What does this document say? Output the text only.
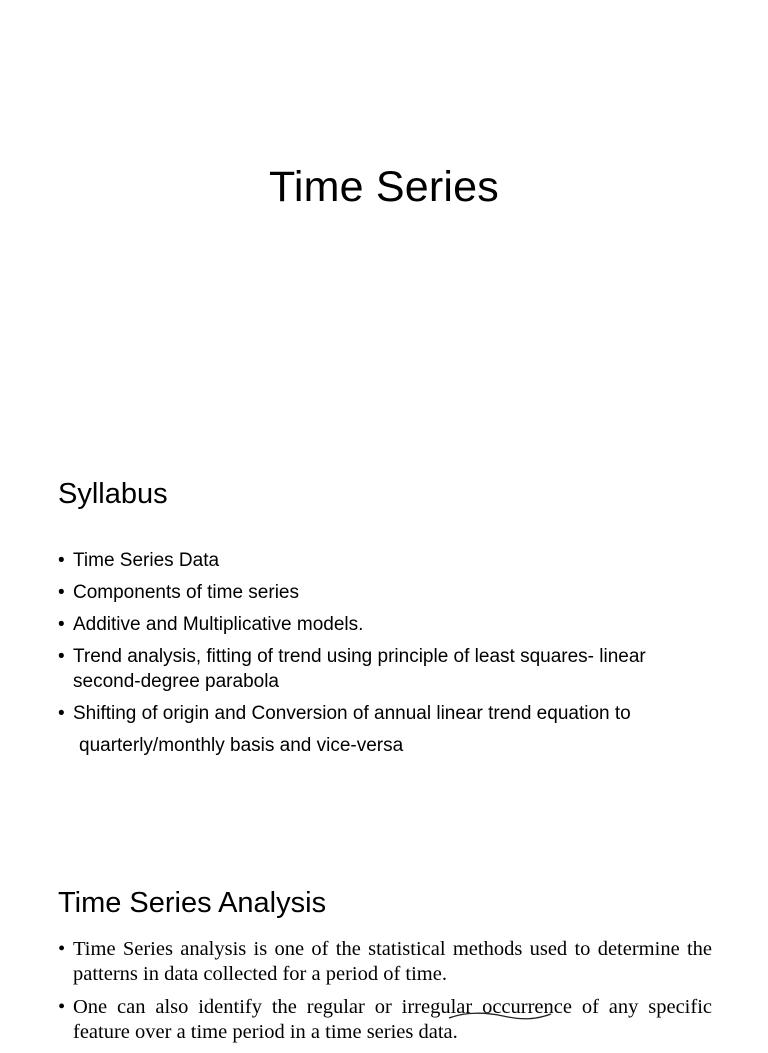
Time Series
Syllabus
• Time Series Data
• Components of time series
• Additive and Multiplicative models.
• Trend analysis, fitting of trend using principle of least squares- linear
second-degree parabola
• Shifting of origin and Conversion of annual linear trend equation to
quarterly/monthly basis and vice-versa
Time Series Analysis
• Time Series analysis is one of the statistical methods used to determine the patterns in data collected for a period of time.
• One can also identify the regular or irregular occurrence of any specific feature over a time period in a time series data.
